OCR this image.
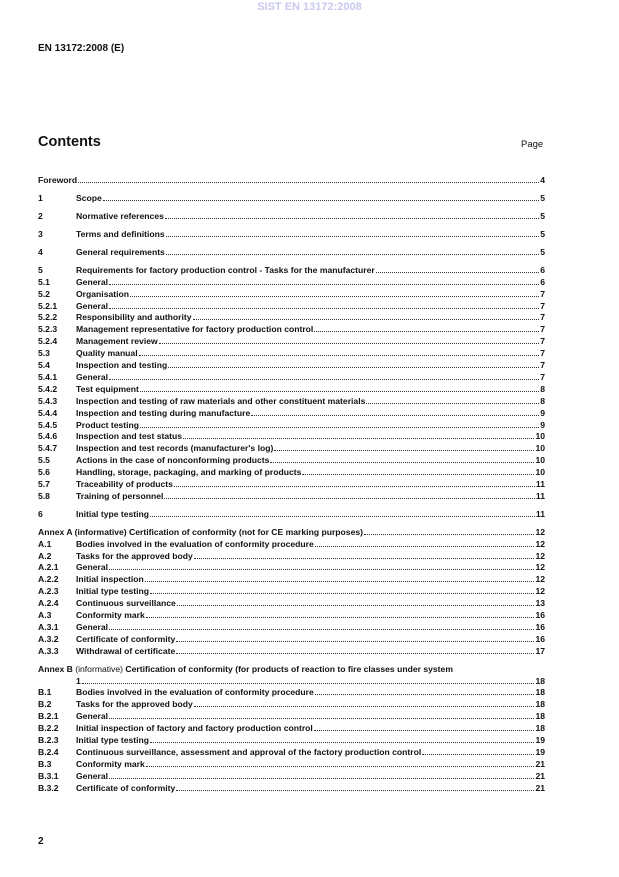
SIST EN 13172:2008
EN 13172:2008 (E)
Contents	Page
Foreword	4
1	Scope	5
2	Normative references	5
3	Terms and definitions	5
4	General requirements	5
5	Requirements for factory production control - Tasks for the manufacturer	6
5.1	General	6
5.2	Organisation	7
5.2.1	General	7
5.2.2	Responsibility and authority	7
5.2.3	Management representative for factory production control	7
5.2.4	Management review	7
5.3	Quality manual	7
5.4	Inspection and testing	7
5.4.1	General	7
5.4.2	Test equipment	8
5.4.3	Inspection and testing of raw materials and other constituent materials	8
5.4.4	Inspection and testing during manufacture	9
5.4.5	Product testing	9
5.4.6	Inspection and test status	10
5.4.7	Inspection and test records (manufacturer's log)	10
5.5	Actions in the case of nonconforming products	10
5.6	Handling, storage, packaging, and marking of products	10
5.7	Traceability of products	11
5.8	Training of personnel	11
6	Initial type testing	11
Annex A (informative) Certification of conformity (not for CE marking purposes)	12
A.1	Bodies involved in the evaluation of conformity procedure	12
A.2	Tasks for the approved body	12
A.2.1	General	12
A.2.2	Initial inspection	12
A.2.3	Initial type testing	12
A.2.4	Continuous surveillance	13
A.3	Conformity mark	16
A.3.1	General	16
A.3.2	Certificate of conformity	16
A.3.3	Withdrawal of certificate	17
Annex B (informative) Certification of conformity (for products of reaction to fire classes under system
1	18
B.1	Bodies involved in the evaluation of conformity procedure	18
B.2	Tasks for the approved body	18
B.2.1	General	18
B.2.2	Initial inspection of factory and factory production control	18
B.2.3	Initial type testing	19
B.2.4	Continuous surveillance, assessment and approval of the factory production control	19
B.3	Conformity mark	21
B.3.1	General	21
B.3.2	Certificate of conformity	21
2
